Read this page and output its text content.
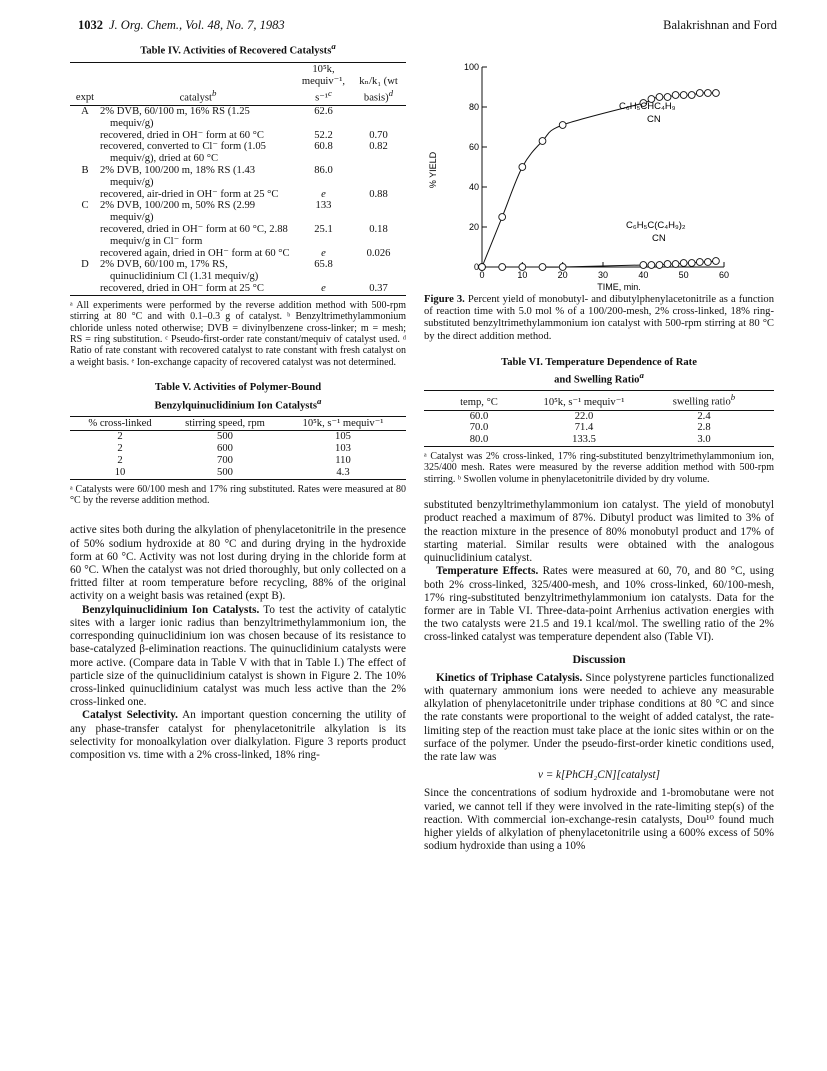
1032 J. Org. Chem., Vol. 48, No. 7, 1983	Balakrishnan and Ford
Table IV. Activities of Recovered Catalysts$^a$
expt	catalyst$^b$	10⁵k, mequiv⁻¹, s⁻¹$^c$	kₙ/k₁ (wt basis)$^d$
A	2% DVB, 60/100 m, 16% RS (1.25 mequiv/g)	62.6	
	recovered, dried in OH⁻ form at 60 °C	52.2	0.70
	recovered, converted to Cl⁻ form (1.05 mequiv/g), dried at 60 °C	60.8	0.82
B	2% DVB, 100/200 m, 18% RS (1.43 mequiv/g)	86.0	
	recovered, air-dried in OH⁻ form at 25 °C	e	0.88
C	2% DVB, 100/200 m, 50% RS (2.99 mequiv/g)	133	
	recovered, dried in OH⁻ form at 60 °C, 2.88 mequiv/g in Cl⁻ form	25.1	0.18
	recovered again, dried in OH⁻ form at 60 °C	e	0.026
D	2% DVB, 60/100 m, 17% RS, quinuclidinium Cl (1.31 mequiv/g)	65.8	
	recovered, dried in OH⁻ form at 25 °C	e	0.37
ᵃ All experiments were performed by the reverse addition method with 500-rpm stirring at 80 °C and with 0.1–0.3 g of catalyst. ᵇ Benzyltrimethylammonium chloride unless noted otherwise; DVB = divinylbenzene cross-linker; m = mesh; RS = ring substitution. ᶜ Pseudo-first-order rate constant/mequiv of catalyst used. ᵈ Ratio of rate constant with recovered catalyst to rate constant with fresh catalyst on a weight basis. ᵉ Ion-exchange capacity of recovered catalyst was not determined.
Table V. Activities of Polymer-Bound
Benzylquinuclidinium Ion Catalysts$^a$
% cross-linked	stirring speed, rpm	10⁵k, s⁻¹ mequiv⁻¹
2	500	105
2	600	103
2	700	110
10	500	4.3
ᵃ Catalysts were 60/100 mesh and 17% ring substituted. Rates were measured at 80 °C by the reverse addition method.

active sites both during the alkylation of phenylacetonitrile in the presence of 50% sodium hydroxide at 80 °C and during drying in the hydroxide form at 60 °C. Activity was not lost during drying in the chloride form at 60 °C. When the catalyst was not dried thoroughly, but only collected on a fritted filter at room temperature before recycling, 88% of the original activity on a weight basis was retained (expt B).

Benzylquinuclidinium Ion Catalysts. To test the activity of catalytic sites with a larger ionic radius than benzyltrimethylammonium ion, the corresponding quinuclidinium ion was chosen because of its resistance to base-catalyzed β-elimination reactions. The quinuclidinium catalysts were more active. (Compare data in Table V with that in Table I.) The effect of particle size of the quinuclidinium catalyst is shown in Figure 2. The 10% cross-linked quinuclidinium catalyst was much less active than the 2% cross-linked one.

Catalyst Selectivity. An important question concerning the utility of any phase-transfer catalyst for phenylacetonitrile alkylation is its selectivity for monoalkylation over dialkylation. Figure 3 reports product composition vs. time with a 2% cross-linked, 18% ring-

0
20
40
60
80
100
0	10	20	30	40	50	60
% YIELD
TIME, min.
C₆H₅CHC₄H₉
CN
C₆H₅C(C₄H₉)₂
CN
Figure 3. Percent yield of monobutyl- and dibutylphenylacetonitrile as a function of reaction time with 5.0 mol % of a 100/200-mesh, 2% cross-linked, 18% ring-substituted benzyltrimethylammonium ion catalyst with 500-rpm stirring at 80 °C by the direct addition method.
Table VI. Temperature Dependence of Rate
and Swelling Ratio$^a$
temp, °C	10⁵k, s⁻¹ mequiv⁻¹	swelling ratio$^b$
60.0	22.0	2.4
70.0	71.4	2.8
80.0	133.5	3.0
ᵃ Catalyst was 2% cross-linked, 17% ring-substituted benzyltrimethylammonium ion, 325/400 mesh. Rates were measured by the reverse addition method with 500-rpm stirring. ᵇ Swollen volume in phenylacetonitrile divided by dry volume.

substituted benzyltrimethylammonium ion catalyst. The yield of monobutyl product reached a maximum of 87%. Dibutyl product was limited to 3% of the reaction mixture in the presence of 80% monobutyl product and 17% of starting material. Similar results were obtained with the analogous quinuclidinium catalyst.

Temperature Effects. Rates were measured at 60, 70, and 80 °C, using both 2% cross-linked, 325/400-mesh, and 10% cross-linked, 60/100-mesh, 17% ring-substituted benzyltrimethylammonium ion catalysts. Data for the former are in Table VI. Three-data-point Arrhenius activation energies with the two catalysts were 21.5 and 19.1 kcal/mol. The swelling ratio of the 2% cross-linked catalyst was temperature dependent also (Table VI).

Discussion

Kinetics of Triphase Catalysis. Since polystyrene particles functionalized with quaternary ammonium ions were needed to achieve any measurable alkylation of phenylacetonitrile under triphase conditions at 80 °C and since the rate constants were proportional to the weight of added catalyst, the rate-limiting step of the reaction must take place at the ionic sites within or on the surface of the polymer. Under the pseudo-first-order kinetic conditions used, the rate law was

v = k[PhCH₂CN][catalyst]

Since the concentrations of sodium hydroxide and 1-bromobutane were not varied, we cannot tell if they were involved in the rate-limiting step(s) of the reaction. With commercial ion-exchange-resin catalysts, Dou¹⁰ found much higher yields of alkylation of phenylacetonitrile using a 600% excess of 50% sodium hydroxide than using a 10%
